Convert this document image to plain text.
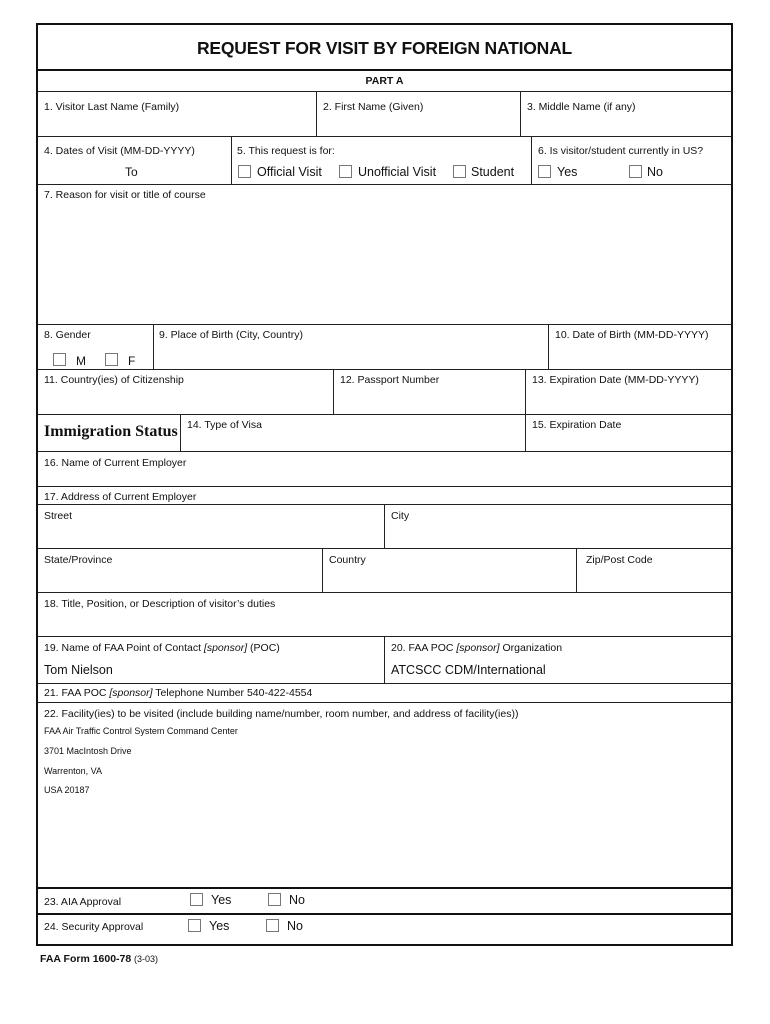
REQUEST FOR VISIT BY FOREIGN NATIONAL
PART A
1. Visitor Last Name (Family)	2. First Name (Given)	3. Middle Name (if any)
4. Dates of Visit (MM-DD-YYYY)
To
5. This request is for:
Official Visit	Unofficial Visit	Student
6. Is visitor/student currently in US?
Yes	No
7. Reason for visit or title of course
8. Gender
M	F
9. Place of Birth (City, Country)	10. Date of Birth (MM-DD-YYYY)
11. Country(ies) of Citizenship	12. Passport Number	13. Expiration Date (MM-DD-YYYY)
Immigration Status 14. Type of Visa	15. Expiration Date
16. Name of Current Employer
17. Address of Current Employer
Street	City
State/Province	Country	Zip/Post Code
18. Title, Position, or Description of visitor’s duties
19. Name of FAA Point of Contact [sponsor] (POC)
Tom Nielson
20. FAA POC [sponsor] Organization
ATCSCC CDM/International
21. FAA POC [sponsor] Telephone Number 540-422-4554
22. Facility(ies) to be visited (include building name/number, room number, and address of facility(ies))
FAA Air Traffic Control System Command Center
3701 MacIntosh Drive
Warrenton, VA
USA 20187
23. AIA Approval	Yes	No
24. Security Approval	Yes	No
FAA Form 1600-78 (3-03)
